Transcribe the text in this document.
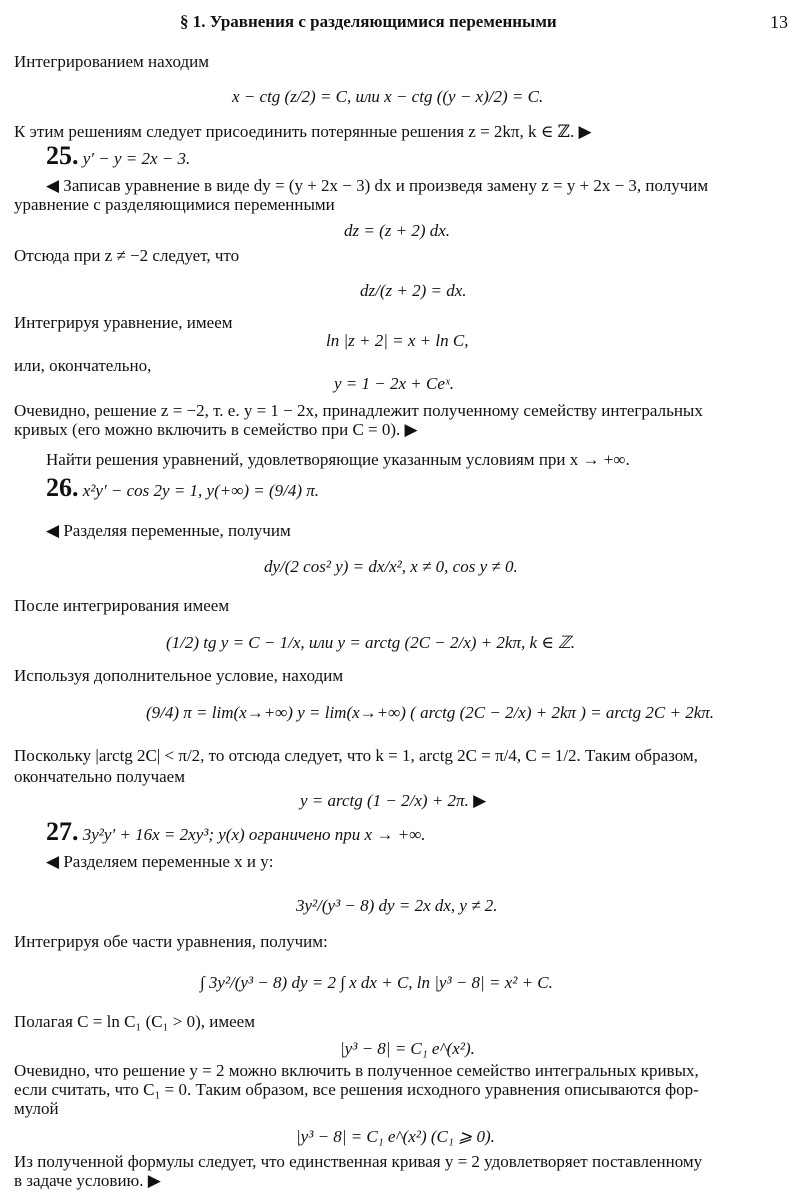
§ 1. Уравнения с разделяющимися переменными	13
Интегрированием находим
x − ctg (z/2) = C, или x − ctg ((y − x)/2) = C.
К этим решениям следует присоединить потерянные решения z = 2kπ, k ∈ ℤ. ▶
25. y′ − y = 2x − 3.
◀ Записав уравнение в виде dy = (y + 2x − 3) dx и произведя замену z = y + 2x − 3, получим
уравнение с разделяющимися переменными
dz = (z + 2) dx.
Отсюда при z ≠ −2 следует, что
dz/(z + 2) = dx.
Интегрируя уравнение, имеем
ln |z + 2| = x + ln C,
или, окончательно,
y = 1 − 2x + Ceˣ.
Очевидно, решение z = −2, т. е. y = 1 − 2x, принадлежит полученному семейству интегральных
кривых (его можно включить в семейство при C = 0). ▶
Найти решения уравнений, удовлетворяющие указанным условиям при x → +∞.
26. x²y′ − cos 2y = 1, y(+∞) = (9/4) π.
◀ Разделяя переменные, получим
dy/(2 cos² y) = dx/x², x ≠ 0, cos y ≠ 0.
После интегрирования имеем
(1/2) tg y = C − 1/x, или y = arctg (2C − 2/x) + 2kπ, k ∈ ℤ.
Используя дополнительное условие, находим
(9/4) π = lim(x→+∞) y = lim(x→+∞) ( arctg (2C − 2/x) + 2kπ ) = arctg 2C + 2kπ.
Поскольку |arctg 2C| < π/2, то отсюда следует, что k = 1, arctg 2C = π/4, C = 1/2. Таким образом,
окончательно получаем
y = arctg (1 − 2/x) + 2π. ▶
27. 3y²y′ + 16x = 2xy³; y(x) ограничено при x → +∞.
◀ Разделяем переменные x и y:
3y²/(y³ − 8) dy = 2x dx, y ≠ 2.
Интегрируя обе части уравнения, получим:
∫ 3y²/(y³ − 8) dy = 2 ∫ x dx + C, ln |y³ − 8| = x² + C.
Полагая C = ln C₁ (C₁ > 0), имеем
|y³ − 8| = C₁ e^(x²).
Очевидно, что решение y = 2 можно включить в полученное семейство интегральных кривых,
если считать, что C₁ = 0. Таким образом, все решения исходного уравнения описываются фор-
мулой
|y³ − 8| = C₁ e^(x²) (C₁ ⩾ 0).
Из полученной формулы следует, что единственная кривая y = 2 удовлетворяет поставленному
в задаче условию. ▶
